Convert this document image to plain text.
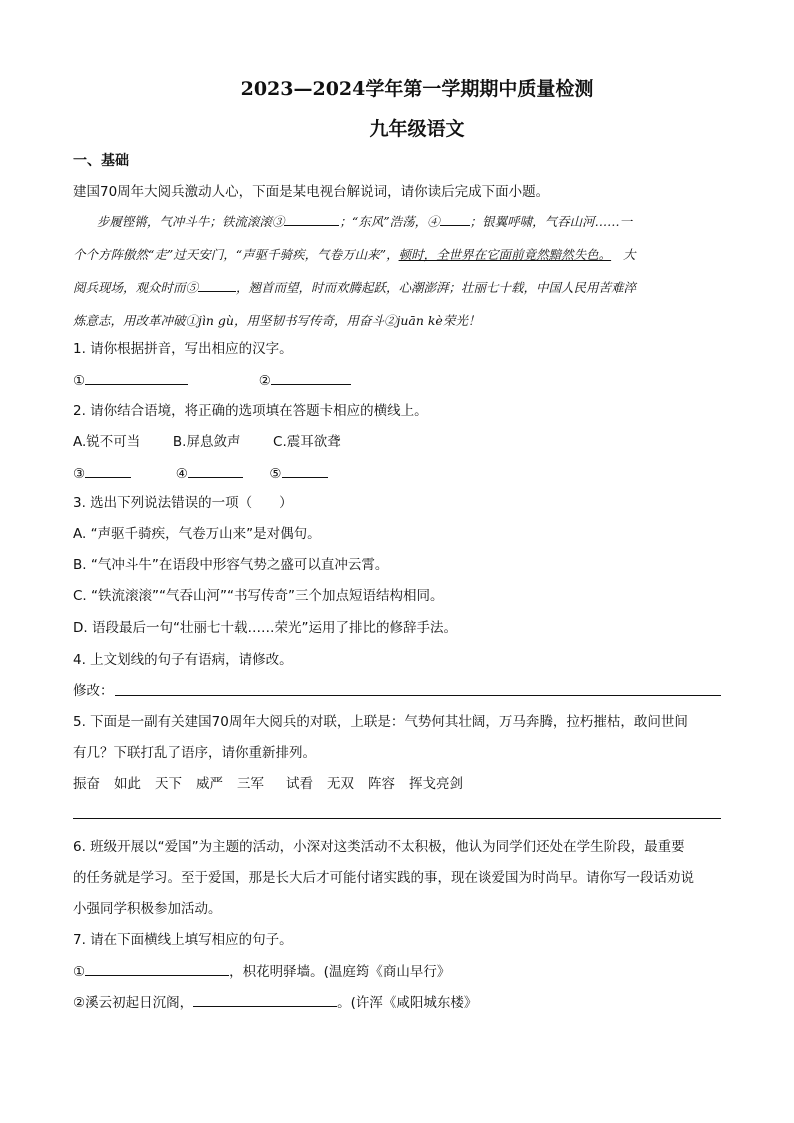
2023—2024学年第一学期期中质量检测
九年级语文
一、基础
建国70周年大阅兵激动人心，下面是某电视台解说词，请你读后完成下面小题。
步履铿锵，气冲斗牛；铁流滚滚③	；“东风”浩荡，④ ；银翼呼啸，气吞山河……一
个个方阵傲然“走”过天安门，“声驱千骑疾，气卷万山来”，顿时，全世界在它面前竟然黯然失色。 大
阅兵现场，观众时而⑤	，翘首而望，时而欢腾起跃，心潮澎湃；壮丽七十载，中国人民用苦难淬
炼意志，用改革冲破①jìn gù，用坚韧书写传奇，用奋斗②juān kè荣光！
1. 请你根据拼音，写出相应的汉字。
①	②
2. 请你结合语境，将正确的选项填在答题卡相应的横线上。
A.锐不可当 B.屏息敛声 C.震耳欲聋
③	④	⑤
3. 选出下列说法错误的一项（　　）
A. “声驱千骑疾，气卷万山来”是对偶句。
B. “气冲斗牛”在语段中形容气势之盛可以直冲云霄。
C. “铁流滚滚”“气吞山河”“书写传奇”三个加点短语结构相同。
D. 语段最后一句“壮丽七十载……荣光”运用了排比的修辞手法。
4. 上文划线的句子有语病，请修改。
修改：
5. 下面是一副有关建国70周年大阅兵的对联，上联是：气势何其壮阔，万马奔腾，拉朽摧枯，敢问世间
有几？下联打乱了语序，请你重新排列。
振奋 如此 天下 威严 三军 试看 无双 阵容 挥戈亮剑
6. 班级开展以“爱国”为主题的活动，小深对这类活动不太积极，他认为同学们还处在学生阶段，最重要
的任务就是学习。至于爱国，那是长大后才可能付诸实践的事，现在谈爱国为时尚早。请你写一段话劝说
小强同学积极参加活动。
7. 请在下面横线上填写相应的句子。
①	，枳花明驿墙。(温庭筠《商山早行》
②溪云初起日沉阁，	。(许浑《咸阳城东楼》
